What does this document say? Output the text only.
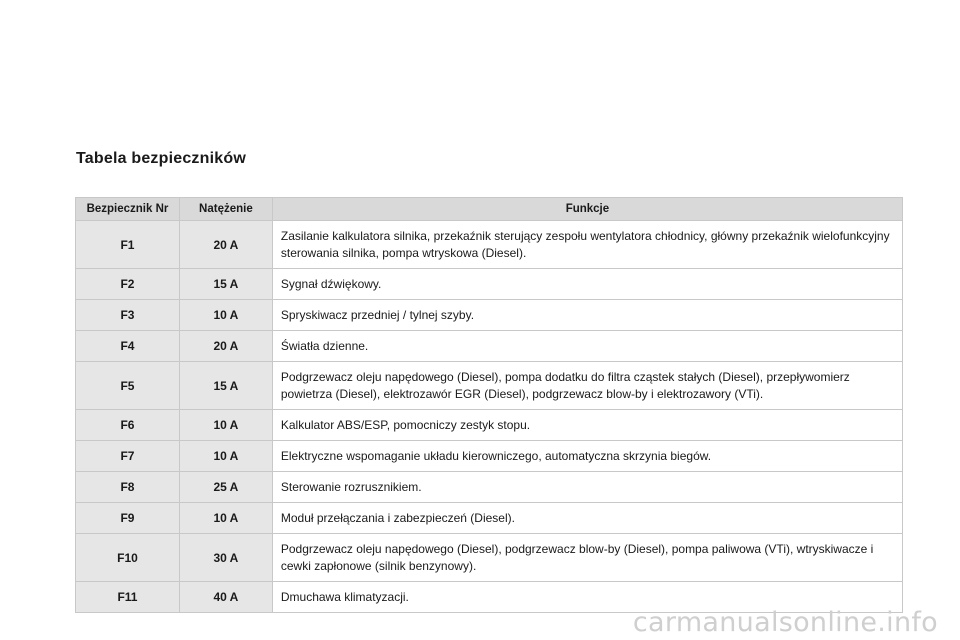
Tabela bezpieczników
Bezpiecznik Nr	Natężenie	Funkcje
F1	20 A	Zasilanie kalkulatora silnika, przekaźnik sterujący zespołu wentylatora chłodnicy, główny przekaźnik wielofunkcyjny sterowania silnika, pompa wtryskowa (Diesel).
F2	15 A	Sygnał dźwiękowy.
F3	10 A	Spryskiwacz przedniej / tylnej szyby.
F4	20 A	Światła dzienne.
F5	15 A	Podgrzewacz oleju napędowego (Diesel), pompa dodatku do filtra cząstek stałych (Diesel), przepływomierz powietrza (Diesel), elektrozawór EGR (Diesel), podgrzewacz blow-by i elektrozawory (VTi).
F6	10 A	Kalkulator ABS/ESP, pomocniczy zestyk stopu.
F7	10 A	Elektryczne wspomaganie układu kierowniczego, automatyczna skrzynia biegów.
F8	25 A	Sterowanie rozrusznikiem.
F9	10 A	Moduł przełączania i zabezpieczeń (Diesel).
F10	30 A	Podgrzewacz oleju napędowego (Diesel), podgrzewacz blow-by (Diesel), pompa paliwowa (VTi), wtryskiwacze i cewki zapłonowe (silnik benzynowy).
F11	40 A	Dmuchawa klimatyzacji.
carmanualsonline.info
